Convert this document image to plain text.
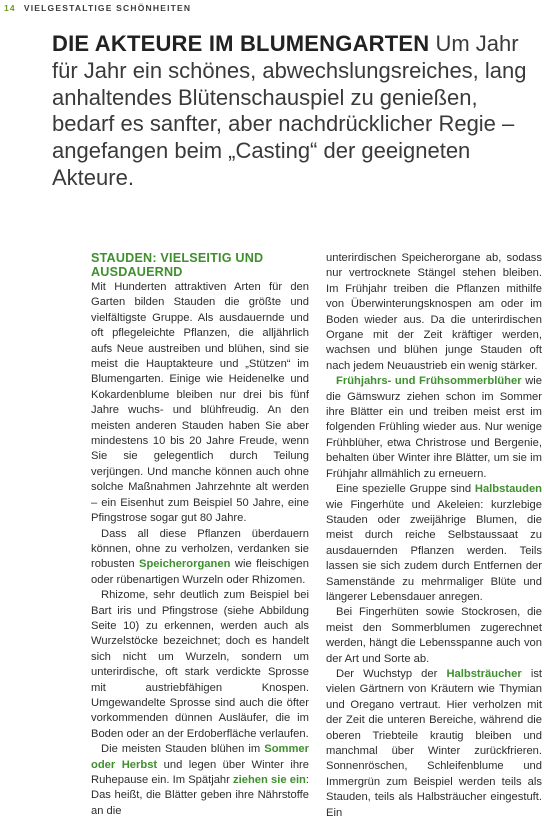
14 VIELGESTALTIGE SCHÖNHEITEN

DIE AKTEURE IM BLUMENGARTEN Um Jahr für Jahr ein schönes, abwechslungsreiches, lang anhaltendes Blütenschauspiel zu genießen, bedarf es sanfter, aber nachdrücklicher Regie – angefangen beim „Casting“ der geeigneten Akteure.

STAUDEN: VIELSEITIG UND AUSDAUERND

Mit Hunderten attraktiven Arten für den Garten bilden Stauden die größte und vielfältigste Gruppe. Als ausdauernde und oft pflegeleichte Pflanzen, die alljährlich aufs Neue austreiben und blühen, sind sie meist die Hauptakteure und „Stützen“ im Blumengarten. Einige wie Heidenelke und Kokardenblume bleiben nur drei bis fünf Jahre wuchs- und blühfreudig. An den meisten anderen Stauden haben Sie aber mindestens 10 bis 20 Jahre Freude, wenn Sie sie gelegentlich durch Teilung verjüngen. Und manche können auch ohne solche Maßnahmen Jahrzehnte alt werden – ein Eisenhut zum Beispiel 50 Jahre, eine Pfingstrose sogar gut 80 Jahre.

Dass all diese Pflanzen überdauern können, ohne zu verholzen, verdanken sie robusten Speicherorganen wie fleischigen oder rübenartigen Wurzeln oder Rhizomen.

Rhizome, sehr deutlich zum Beispiel bei Bart iris und Pfingstrose (siehe Abbildung Seite 10) zu erkennen, werden auch als Wurzelstöcke bezeichnet; doch es handelt sich nicht um Wurzeln, sondern um unterirdische, oft stark verdickte Sprosse mit austriebfähigen Knospen. Umgewandelte Sprosse sind auch die öfter vorkommenden dünnen Ausläufer, die im Boden oder an der Erdoberfläche verlaufen.

Die meisten Stauden blühen im Sommer oder Herbst und legen über Winter ihre Ruhepause ein. Im Spätjahr ziehen sie ein: Das heißt, die Blätter geben ihre Nährstoffe an die

unterirdischen Speicherorgane ab, sodass nur vertrocknete Stängel stehen bleiben. Im Frühjahr treiben die Pflanzen mithilfe von Überwinterungsknospen am oder im Boden wieder aus. Da die unterirdischen Organe mit der Zeit kräftiger werden, wachsen und blühen junge Stauden oft nach jedem Neuaustrieb ein wenig stärker.

Frühjahrs- und Frühsommerblüher wie die Gämswurz ziehen schon im Sommer ihre Blätter ein und treiben meist erst im folgenden Frühling wieder aus. Nur wenige Frühblüher, etwa Christrose und Bergenie, behalten über Winter ihre Blätter, um sie im Frühjahr allmählich zu erneuern.

Eine spezielle Gruppe sind Halbstauden wie Fingerhüte und Akeleien: kurzlebige Stauden oder zweijährige Blumen, die meist durch reiche Selbstaussaat zu ausdauernden Pflanzen werden. Teils lassen sie sich zudem durch Entfernen der Samenstände zu mehrmaliger Blüte und längerer Lebensdauer anregen.

Bei Fingerhüten sowie Stockrosen, die meist den Sommerblumen zugerechnet werden, hängt die Lebensspanne auch von der Art und Sorte ab.

Der Wuchstyp der Halbsträucher ist vielen Gärtnern von Kräutern wie Thymian und Oregano vertraut. Hier verholzen mit der Zeit die unteren Bereiche, während die oberen Triebteile krautig bleiben und manchmal über Winter zurückfrieren. Sonnenröschen, Schleifenblume und Immergrün zum Beispiel werden teils als Stauden, teils als Halbsträucher eingestuft. Ein
